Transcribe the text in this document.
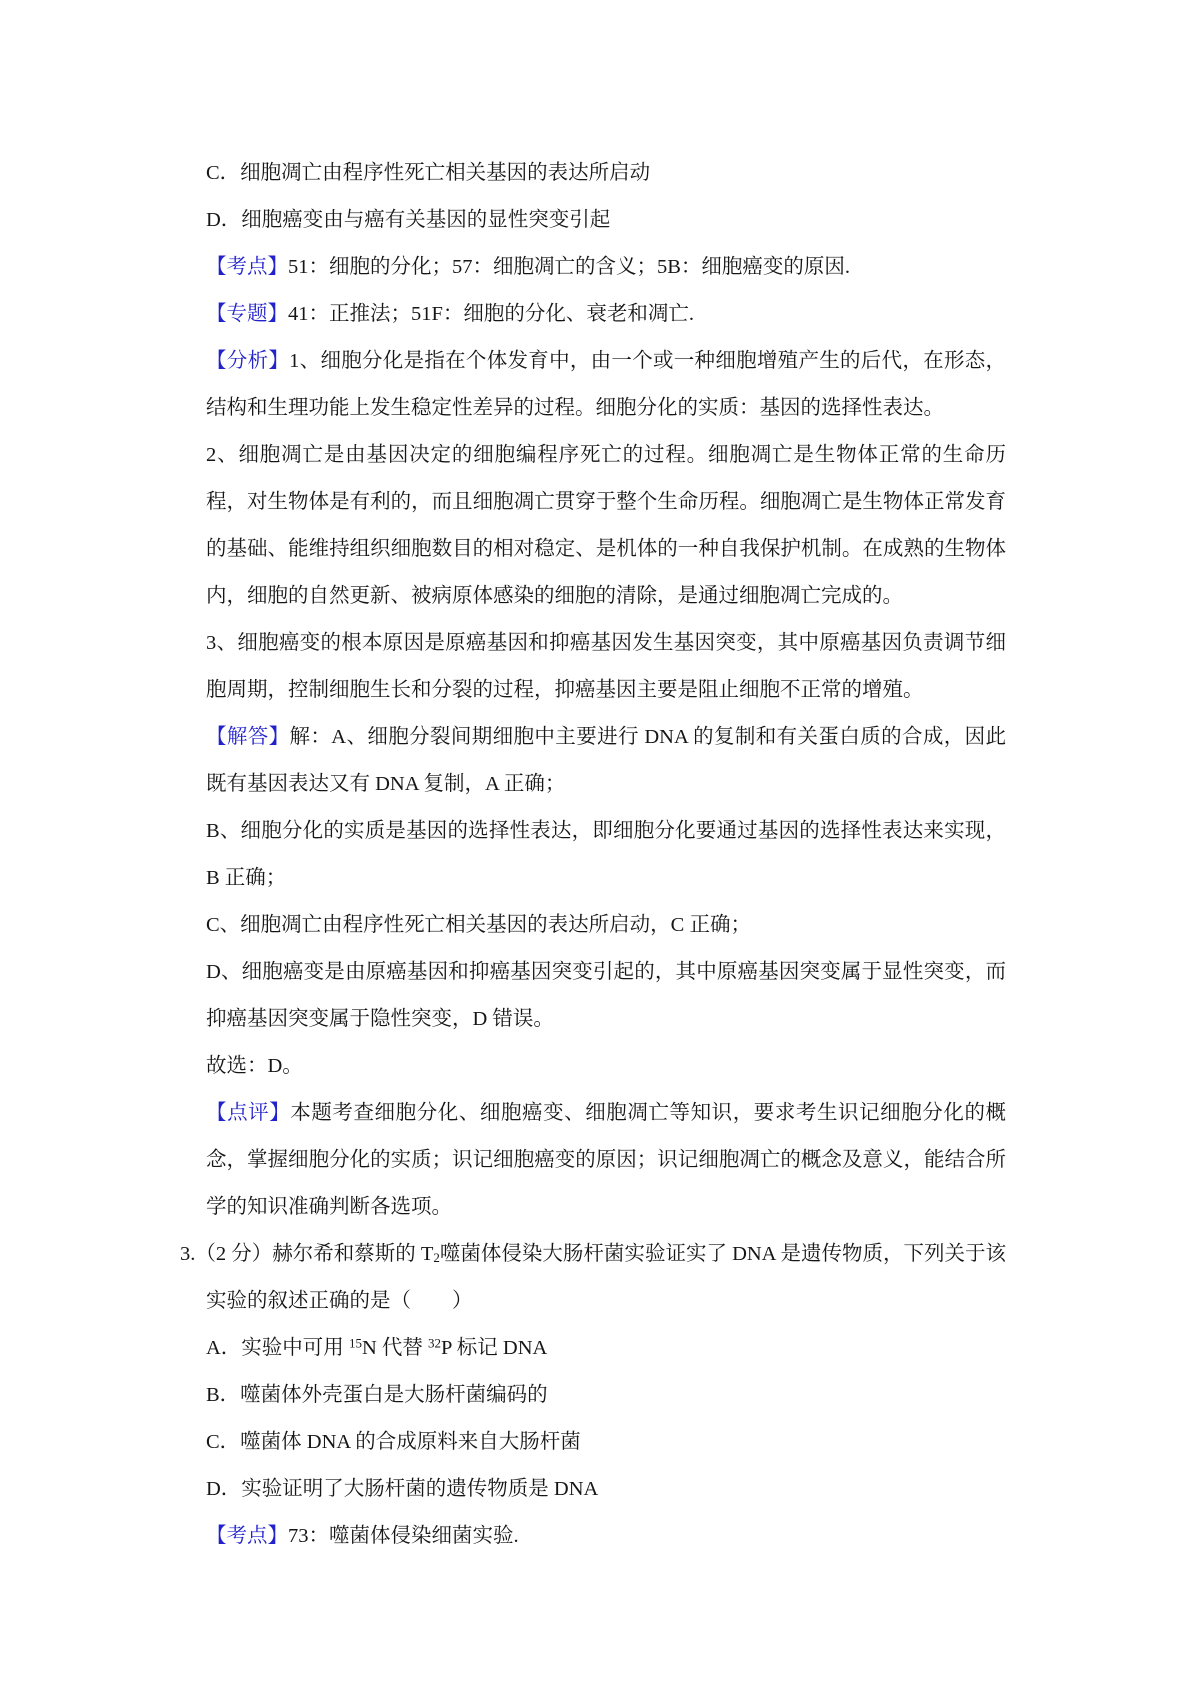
C．细胞凋亡由程序性死亡相关基因的表达所启动

D．细胞癌变由与癌有关基因的显性突变引起

【考点】51：细胞的分化；57：细胞凋亡的含义；5B：细胞癌变的原因.

【专题】41：正推法；51F：细胞的分化、衰老和凋亡.

【分析】1、细胞分化是指在个体发育中，由一个或一种细胞增殖产生的后代，在形态，结构和生理功能上发生稳定性差异的过程。细胞分化的实质：基因的选择性表达。

2、细胞凋亡是由基因决定的细胞编程序死亡的过程。细胞凋亡是生物体正常的生命历程，对生物体是有利的，而且细胞凋亡贯穿于整个生命历程。细胞凋亡是生物体正常发育的基础、能维持组织细胞数目的相对稳定、是机体的一种自我保护机制。在成熟的生物体内，细胞的自然更新、被病原体感染的细胞的清除，是通过细胞凋亡完成的。

3、细胞癌变的根本原因是原癌基因和抑癌基因发生基因突变，其中原癌基因负责调节细胞周期，控制细胞生长和分裂的过程，抑癌基因主要是阻止细胞不正常的增殖。

【解答】解：A、细胞分裂间期细胞中主要进行 DNA 的复制和有关蛋白质的合成，因此既有基因表达又有 DNA 复制，A 正确；

B、细胞分化的实质是基因的选择性表达，即细胞分化要通过基因的选择性表达来实现，B 正确；

C、细胞凋亡由程序性死亡相关基因的表达所启动，C 正确；

D、细胞癌变是由原癌基因和抑癌基因突变引起的，其中原癌基因突变属于显性突变，而抑癌基因突变属于隐性突变，D 错误。

故选：D。

【点评】本题考查细胞分化、细胞癌变、细胞凋亡等知识，要求考生识记细胞分化的概念，掌握细胞分化的实质；识记细胞癌变的原因；识记细胞凋亡的概念及意义，能结合所学的知识准确判断各选项。

3.（2 分）赫尔希和蔡斯的 $T_2$噬菌体侵染大肠杆菌实验证实了 DNA 是遗传物质，下列关于该实验的叙述正确的是（　　）

A．实验中可用 $^{15}$N 代替 $^{32}$P 标记 DNA

B．噬菌体外壳蛋白是大肠杆菌编码的

C．噬菌体 DNA 的合成原料来自大肠杆菌

D．实验证明了大肠杆菌的遗传物质是 DNA

【考点】73：噬菌体侵染细菌实验.
